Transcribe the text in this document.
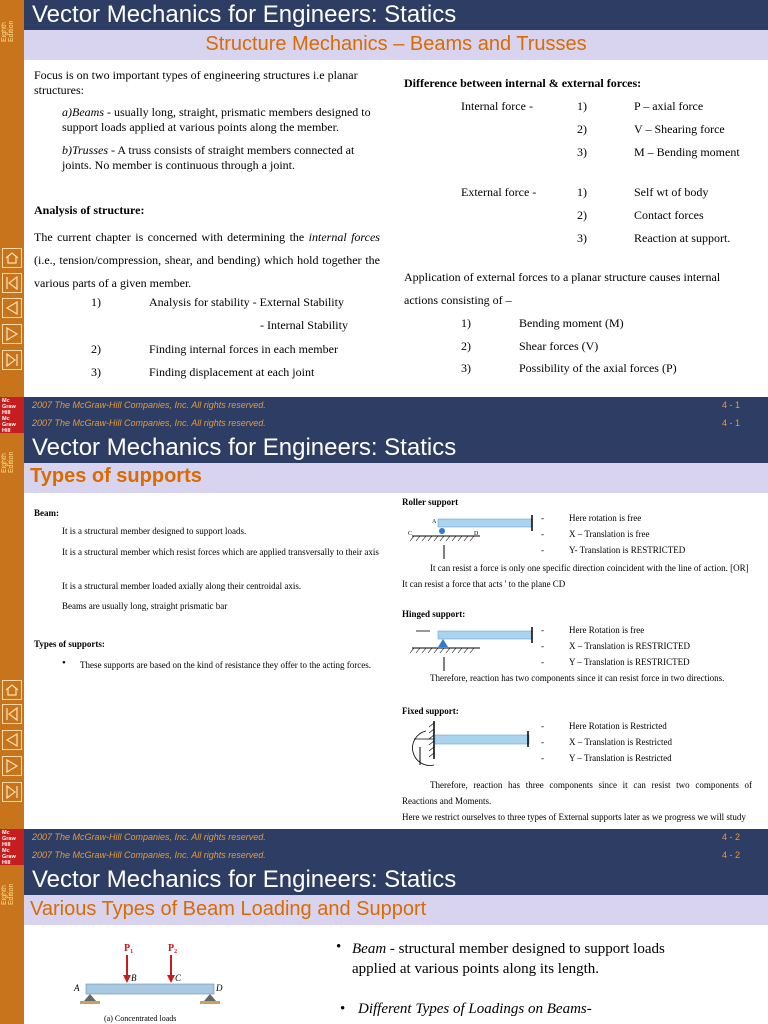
Eighth Edition
Vector Mechanics for Engineers: Statics
Structure Mechanics – Beams and Trusses
Focus is on two important types of engineering structures i.e planar structures:
a)Beams - usually long, straight, prismatic members designed to support loads applied at various points along the member.
b)Trusses - A truss consists of straight members connected at joints. No member is continuous through a joint.
Analysis of structure:
The current chapter is concerned with determining the internal forces (i.e., tension/compression, shear, and bending) which hold together the various parts of a given member.
1)	Analysis for stability - External Stability
- Internal Stability
2)	Finding internal forces in each member
3)	Finding displacement at each joint
Difference between internal & external forces:
Internal force -	1)	P – axial force
2)	V – Shearing force
3)	M – Bending moment
External force -	1)	Self wt of body
2)	Contact forces
3)	Reaction at support.
Application of external forces to a planar structure causes internal actions consisting of –
1)	Bending moment (M)
2)	Shear forces (V)
3)	Possibility of the axial forces (P)
Mc
Graw
Hill
2007 The McGraw-Hill Companies, Inc. All rights reserved.	4 - 1
Eighth Edition
Vector Mechanics for Engineers: Statics
Types of supports
Beam:
It is a structural member designed to support loads.
It is a structural member which resist forces which are applied transversally to their axis
It is a structural member loaded axially along their centroidal axis.
Beams are usually long, straight prismatic bar
Types of supports:
• These supports are based on the kind of resistance they offer to the acting forces.
Roller support
A
C	D
-	Here rotation is free
-	X – Translation is free
-	Y- Translation is RESTRICTED
It can resist a force is only one specific direction coincident with the line of action. [OR] It can resist a force that acts ' to the plane CD
Hinged support:
-	Here Rotation is free
-	X – Translation is RESTRICTED
-	Y – Translation is RESTRICTED
Therefore, reaction has two components since it can resist force in two directions.
Fixed support:
-	Here Rotation is Restricted
-	X – Translation is Restricted
-	Y – Translation is Restricted
Therefore, reaction has three components since it can resist two components of Reactions and Moments.
Here we restrict ourselves to three types of External supports later as we progress we will study
Mc
Graw
Hill
2007 The McGraw-Hill Companies, Inc. All rights reserved.	4 - 2
Mc
Graw
Hill
2007 The McGraw-Hill Companies, Inc. All rights reserved.	4 - 1
Eighth Edition
Mc
Graw
Hill
2007 The McGraw-Hill Companies, Inc. All rights reserved.	4 - 2
Vector Mechanics for Engineers: Statics
Various Types of Beam Loading and Support
$P_1$	$P_2$
A
B	C
D
(a) Concentrated loads
• Beam - structural member designed to support loads applied at various points along its length.
• Different Types of Loadings on Beams-
